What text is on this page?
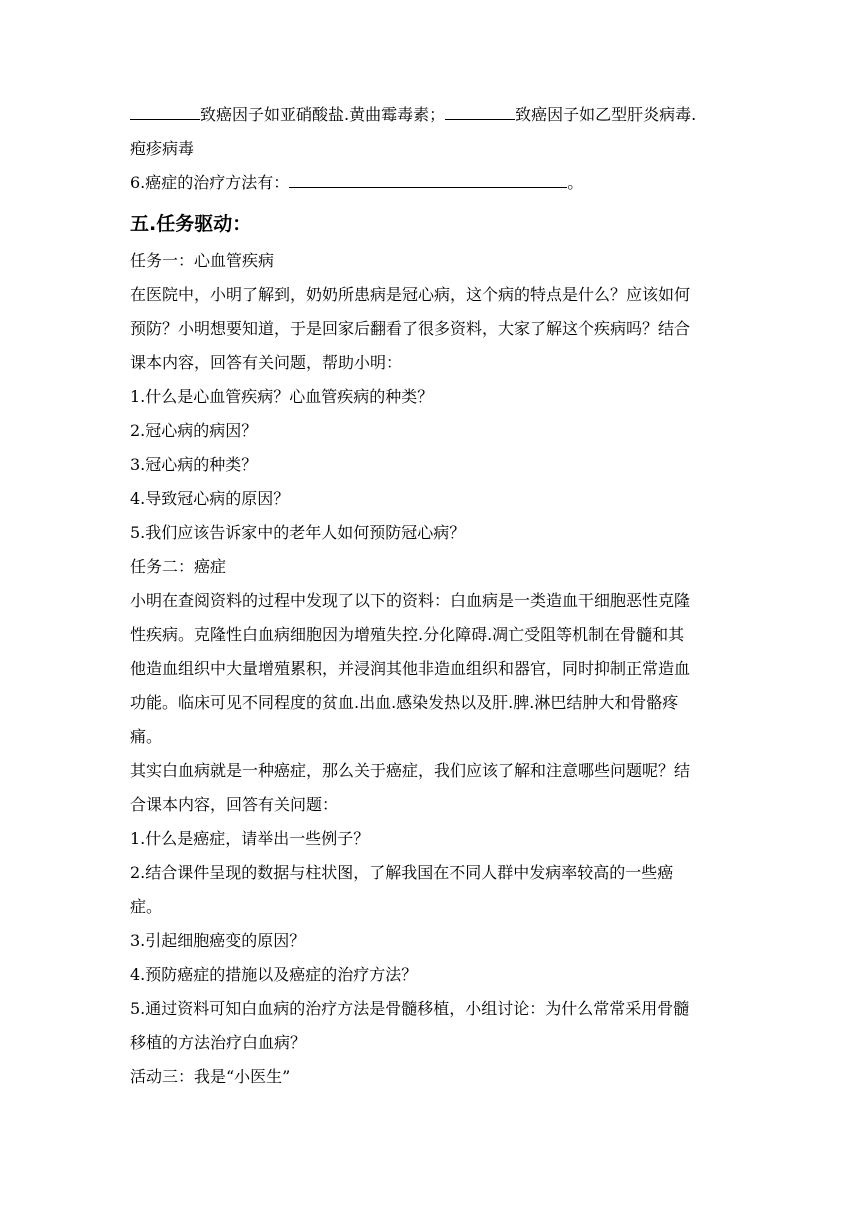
致癌因子如亚硝酸盐.黄曲霉毒素；	致癌因子如乙型肝炎病毒.
疱疹病毒
6.癌症的治疗方法有：	。
五.任务驱动：
任务一：心血管疾病
在医院中，小明了解到，奶奶所患病是冠心病，这个病的特点是什么？应该如何
预防？小明想要知道，于是回家后翻看了很多资料，大家了解这个疾病吗？结合
课本内容，回答有关问题，帮助小明：
1.什么是心血管疾病？心血管疾病的种类？
2.冠心病的病因？
3.冠心病的种类？
4.导致冠心病的原因？
5.我们应该告诉家中的老年人如何预防冠心病？
任务二：癌症
小明在查阅资料的过程中发现了以下的资料：白血病是一类造血干细胞恶性克隆
性疾病。克隆性白血病细胞因为增殖失控.分化障碍.凋亡受阻等机制在骨髓和其
他造血组织中大量增殖累积，并浸润其他非造血组织和器官，同时抑制正常造血
功能。临床可见不同程度的贫血.出血.感染发热以及肝.脾.淋巴结肿大和骨骼疼
痛。
其实白血病就是一种癌症，那么关于癌症，我们应该了解和注意哪些问题呢？结
合课本内容，回答有关问题：
1.什么是癌症，请举出一些例子？
2.结合课件呈现的数据与柱状图，了解我国在不同人群中发病率较高的一些癌
症。
3.引起细胞癌变的原因？
4.预防癌症的措施以及癌症的治疗方法？
5.通过资料可知白血病的治疗方法是骨髓移植，小组讨论：为什么常常采用骨髓
移植的方法治疗白血病？
活动三：我是“小医生”
